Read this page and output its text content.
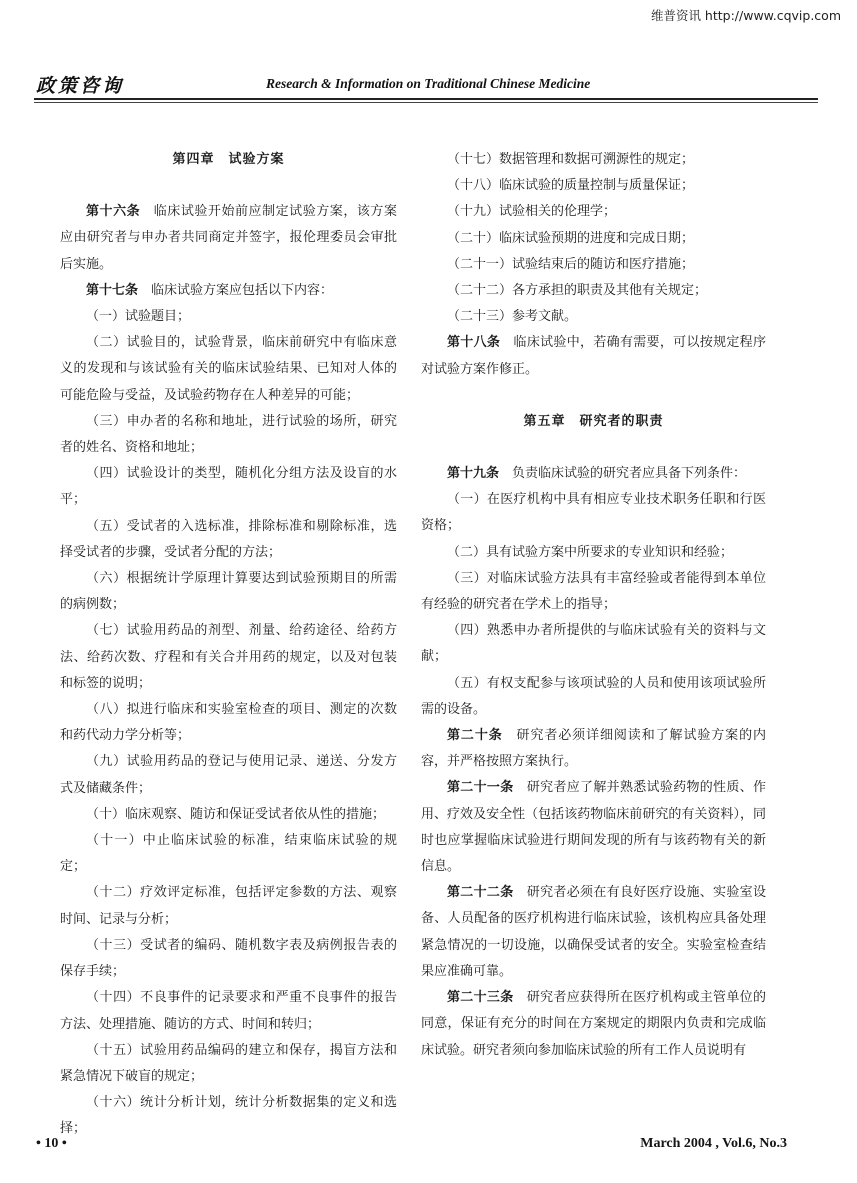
维普资讯 http://www.cqvip.com
政策咨询	Research & Information on Traditional Chinese Medicine
第四章　试验方案

第十六条　临床试验开始前应制定试验方案，该方案应由研究者与申办者共同商定并签字，报伦理委员会审批后实施。

第十七条　临床试验方案应包括以下内容：

（一）试验题目；

（二）试验目的，试验背景，临床前研究中有临床意义的发现和与该试验有关的临床试验结果、已知对人体的可能危险与受益，及试验药物存在人种差异的可能；

（三）申办者的名称和地址，进行试验的场所，研究者的姓名、资格和地址；

（四）试验设计的类型，随机化分组方法及设盲的水平；

（五）受试者的入选标准，排除标准和剔除标准，选择受试者的步骤，受试者分配的方法；

（六）根据统计学原理计算要达到试验预期目的所需的病例数；

（七）试验用药品的剂型、剂量、给药途径、给药方法、给药次数、疗程和有关合并用药的规定，以及对包装和标签的说明；

（八）拟进行临床和实验室检查的项目、测定的次数和药代动力学分析等；

（九）试验用药品的登记与使用记录、递送、分发方式及储藏条件；

（十）临床观察、随访和保证受试者依从性的措施；

（十一）中止临床试验的标准，结束临床试验的规定；

（十二）疗效评定标准，包括评定参数的方法、观察时间、记录与分析；

（十三）受试者的编码、随机数字表及病例报告表的保存手续；

（十四）不良事件的记录要求和严重不良事件的报告方法、处理措施、随访的方式、时间和转归；

（十五）试验用药品编码的建立和保存，揭盲方法和紧急情况下破盲的规定；

（十六）统计分析计划，统计分析数据集的定义和选择；

（十七）数据管理和数据可溯源性的规定；

（十八）临床试验的质量控制与质量保证；

（十九）试验相关的伦理学；

（二十）临床试验预期的进度和完成日期；

（二十一）试验结束后的随访和医疗措施；

（二十二）各方承担的职责及其他有关规定；

（二十三）参考文献。

第十八条　临床试验中，若确有需要，可以按规定程序对试验方案作修正。

第五章　研究者的职责

第十九条　负责临床试验的研究者应具备下列条件：

（一）在医疗机构中具有相应专业技术职务任职和行医资格；

（二）具有试验方案中所要求的专业知识和经验；

（三）对临床试验方法具有丰富经验或者能得到本单位有经验的研究者在学术上的指导；

（四）熟悉申办者所提供的与临床试验有关的资料与文献；

（五）有权支配参与该项试验的人员和使用该项试验所需的设备。

第二十条　研究者必须详细阅读和了解试验方案的内容，并严格按照方案执行。

第二十一条　研究者应了解并熟悉试验药物的性质、作用、疗效及安全性（包括该药物临床前研究的有关资料），同时也应掌握临床试验进行期间发现的所有与该药物有关的新信息。

第二十二条　研究者必须在有良好医疗设施、实验室设备、人员配备的医疗机构进行临床试验，该机构应具备处理紧急情况的一切设施，以确保受试者的安全。实验室检查结果应准确可靠。

第二十三条　研究者应获得所在医疗机构或主管单位的同意，保证有充分的时间在方案规定的期限内负责和完成临床试验。研究者须向参加临床试验的所有工作人员说明有

• 10 •	March 2004 , Vol.6, No.3
